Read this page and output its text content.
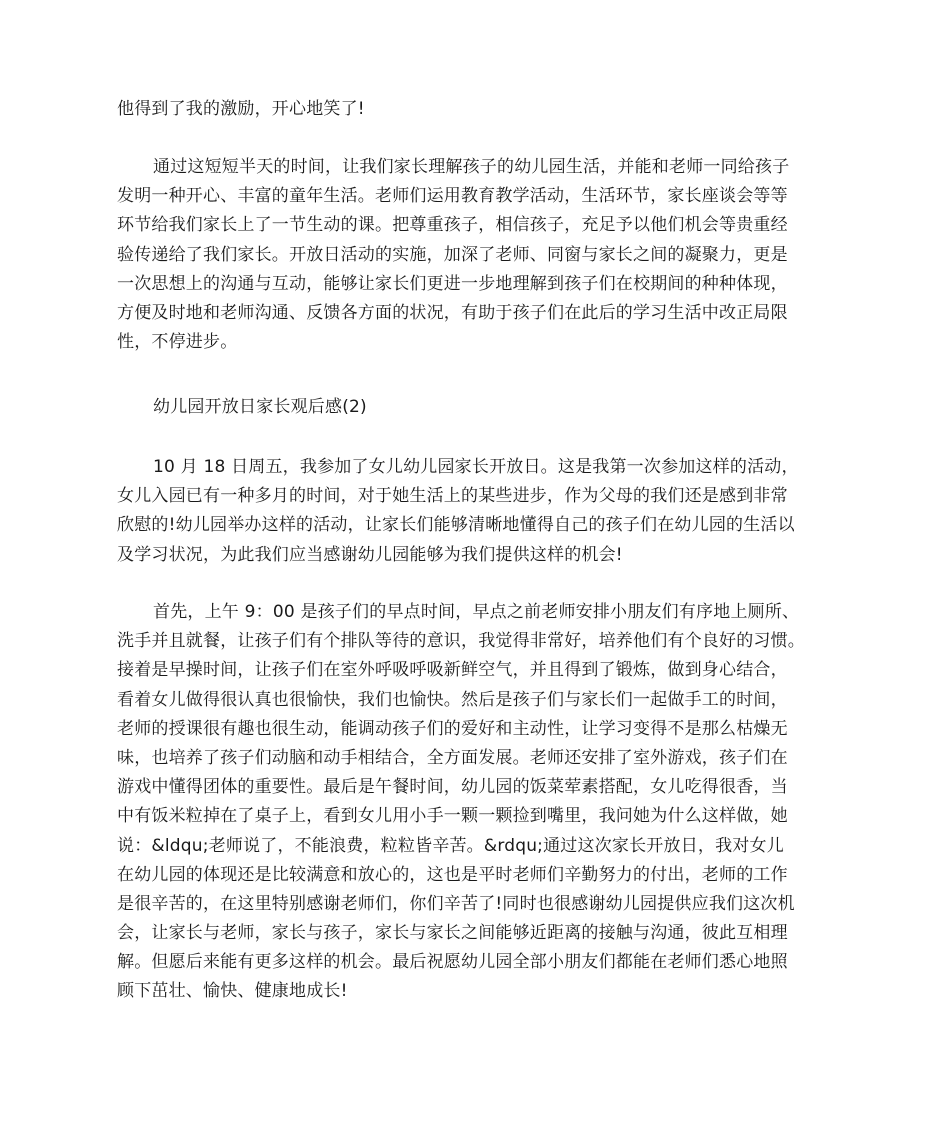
他得到了我的激励，开心地笑了!
通过这短短半天的时间，让我们家长理解孩子的幼儿园生活，并能和老师一同给孩子
发明一种开心、丰富的童年生活。老师们运用教育教学活动，生活环节，家长座谈会等等
环节给我们家长上了一节生动的课。把尊重孩子，相信孩子，充足予以他们机会等贵重经
验传递给了我们家长。开放日活动的实施，加深了老师、同窗与家长之间的凝聚力，更是
一次思想上的沟通与互动，能够让家长们更进一步地理解到孩子们在校期间的种种体现，
方便及时地和老师沟通、反馈各方面的状况，有助于孩子们在此后的学习生活中改正局限
性，不停进步。
幼儿园开放日家长观后感(2)
10 月 18 日周五，我参加了女儿幼儿园家长开放日。这是我第一次参加这样的活动，
女儿入园已有一种多月的时间，对于她生活上的某些进步，作为父母的我们还是感到非常
欣慰的!幼儿园举办这样的活动，让家长们能够清晰地懂得自己的孩子们在幼儿园的生活以
及学习状况，为此我们应当感谢幼儿园能够为我们提供这样的机会!
首先，上午 9：00 是孩子们的早点时间，早点之前老师安排小朋友们有序地上厕所、
洗手并且就餐，让孩子们有个排队等待的意识，我觉得非常好，培养他们有个良好的习惯。
接着是早操时间，让孩子们在室外呼吸呼吸新鲜空气，并且得到了锻炼，做到身心结合，
看着女儿做得很认真也很愉快，我们也愉快。然后是孩子们与家长们一起做手工的时间，
老师的授课很有趣也很生动，能调动孩子们的爱好和主动性，让学习变得不是那么枯燥无
味，也培养了孩子们动脑和动手相结合，全方面发展。老师还安排了室外游戏，孩子们在
游戏中懂得团体的重要性。最后是午餐时间，幼儿园的饭菜荤素搭配，女儿吃得很香，当
中有饭米粒掉在了桌子上，看到女儿用小手一颗一颗捡到嘴里，我问她为什么这样做，她
说：&ldqu;老师说了，不能浪费，粒粒皆辛苦。&rdqu;通过这次家长开放日，我对女儿
在幼儿园的体现还是比较满意和放心的，这也是平时老师们辛勤努力的付出，老师的工作
是很辛苦的，在这里特别感谢老师们，你们辛苦了!同时也很感谢幼儿园提供应我们这次机
会，让家长与老师，家长与孩子，家长与家长之间能够近距离的接触与沟通，彼此互相理
解。但愿后来能有更多这样的机会。最后祝愿幼儿园全部小朋友们都能在老师们悉心地照
顾下茁壮、愉快、健康地成长!
